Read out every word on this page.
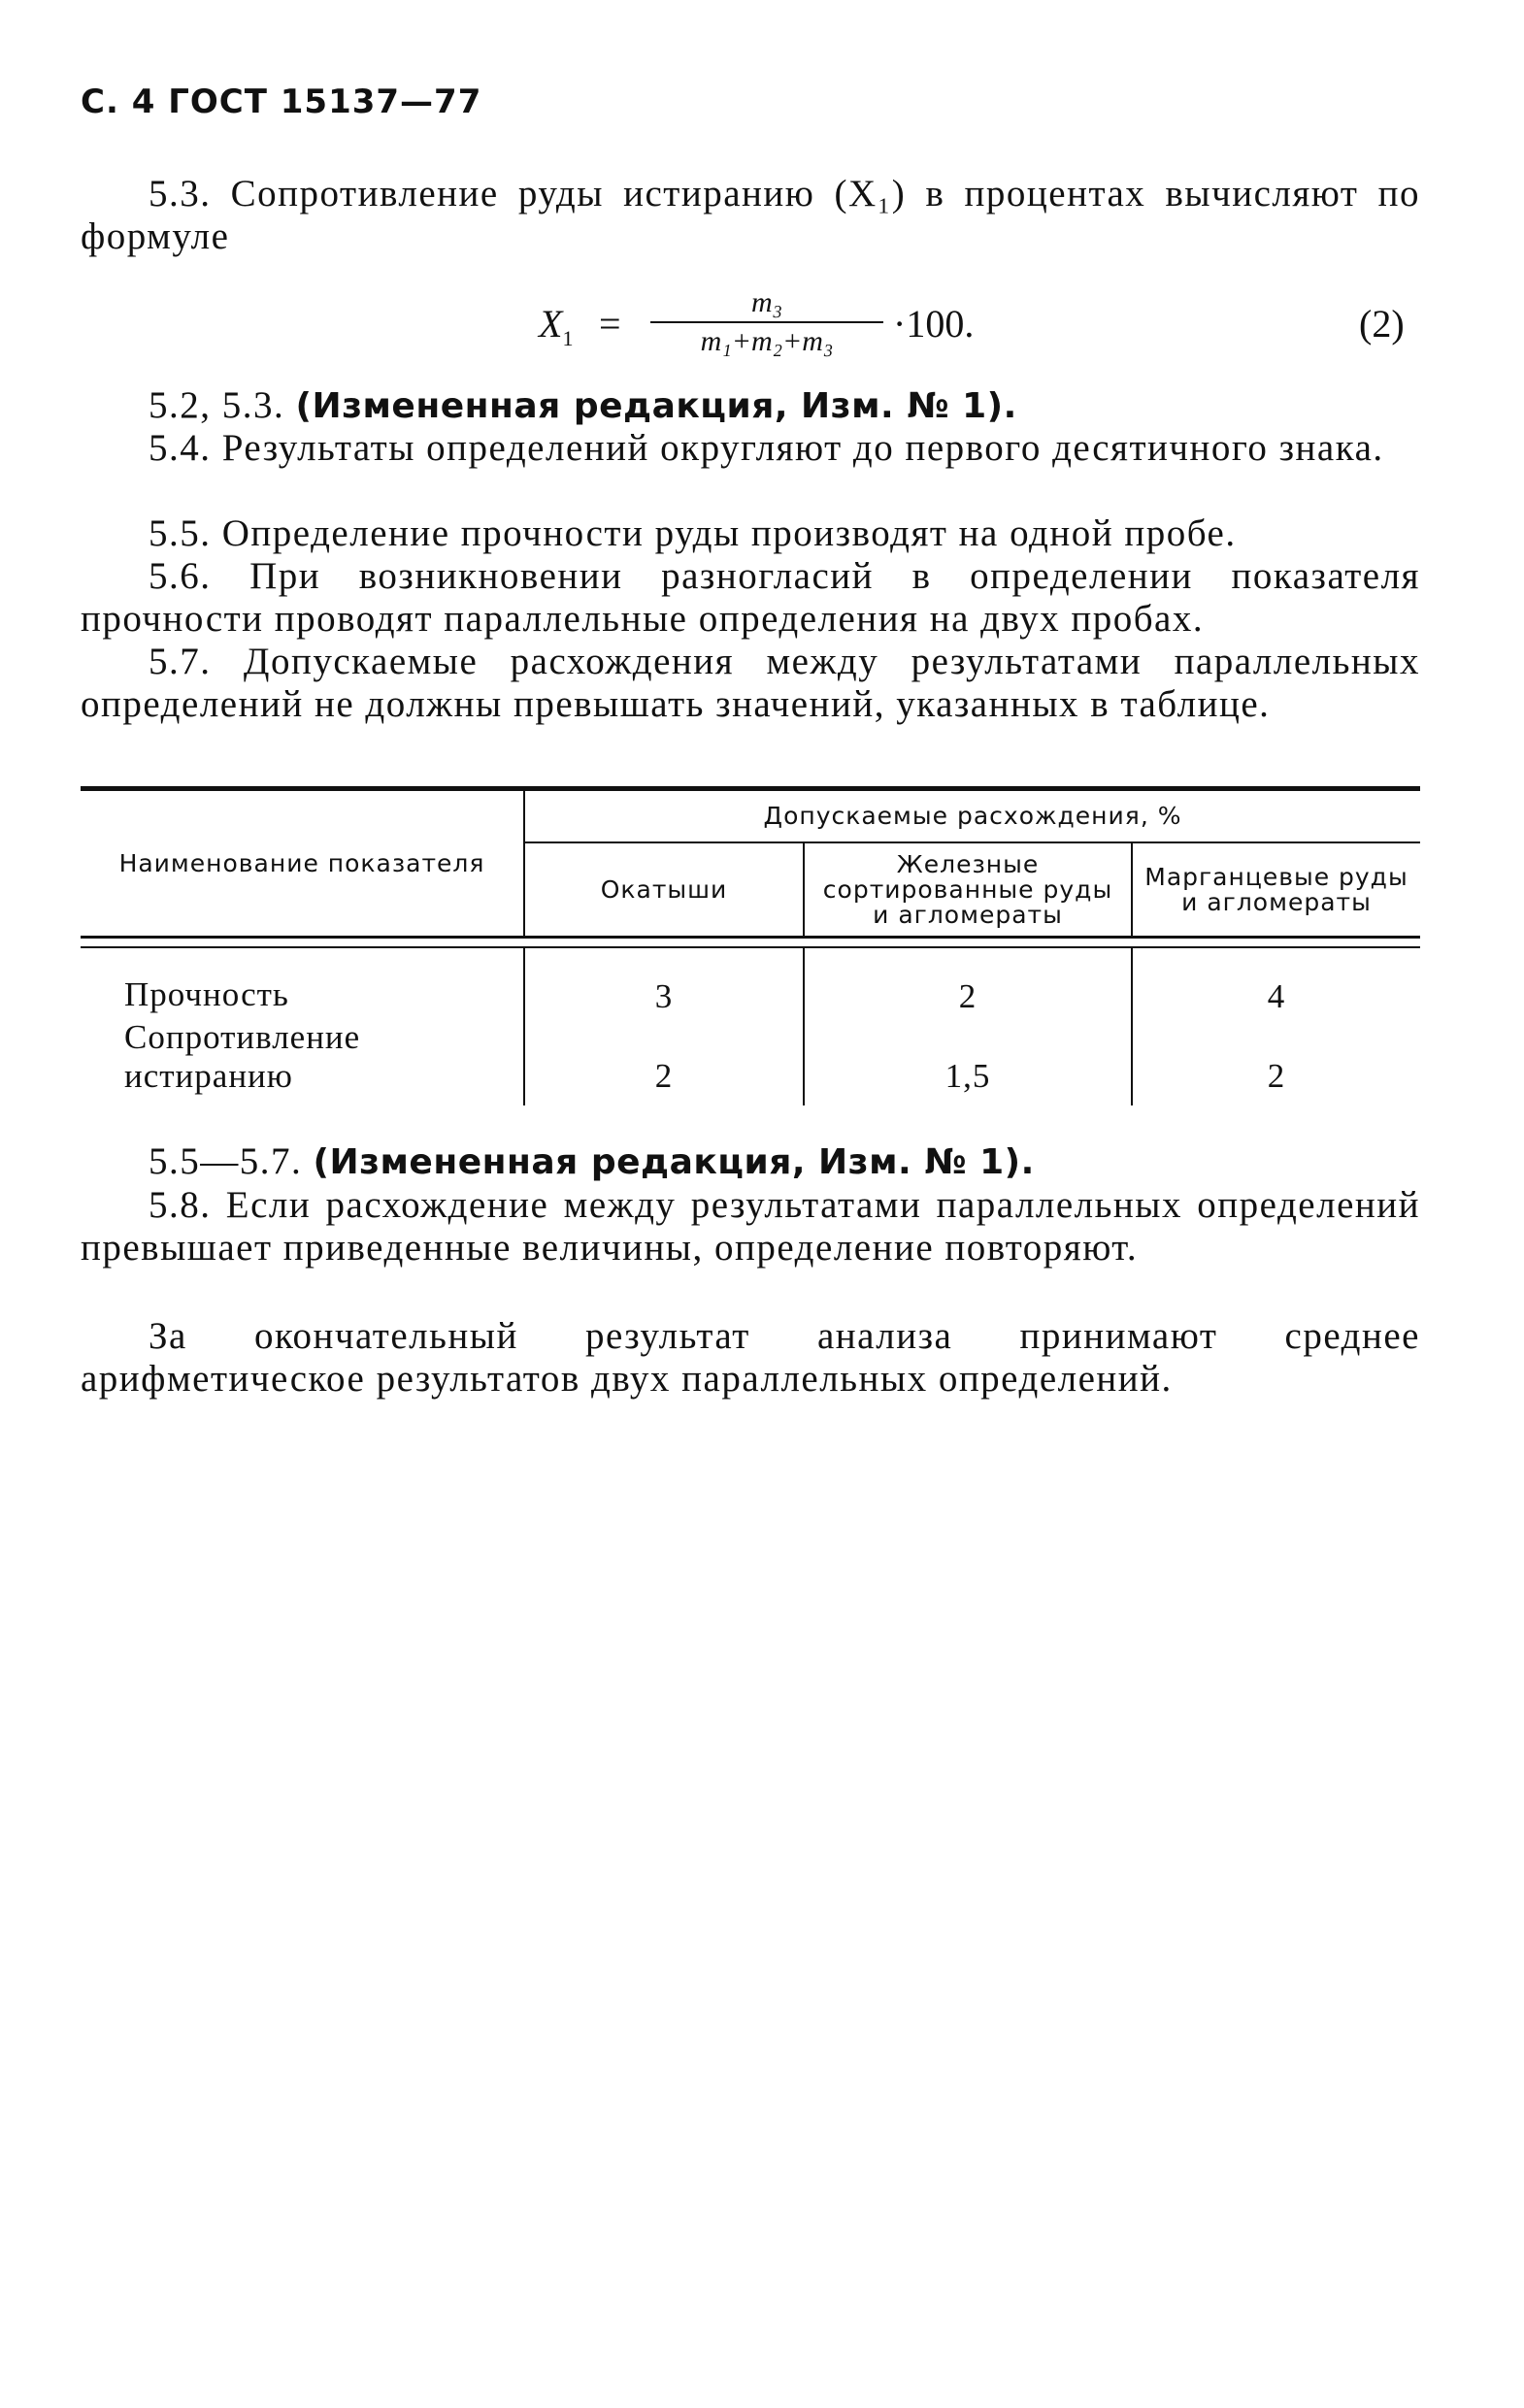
С. 4 ГОСТ 15137—77
5.3. Сопротивление руды истиранию (X₁) в процентах вычисляют по формуле
$X_1$ =	m₃
m₁+m₂+m₃	·100.	(2)
5.2, 5.3. (Измененная редакция, Изм. № 1).
5.4. Результаты определений округляют до первого десятичного знака.
5.5. Определение прочности руды производят на одной пробе.
5.6. При возникновении разногласий в определении показателя прочности проводят параллельные определения на двух пробах.
5.7. Допускаемые расхождения между результатами параллельных определений не должны превышать значений, указанных в таблице.
Наименование показателя	Допускаемые расхождения, %		
	Окатыши	Железные сортированные руды и агломераты	Марганцевые руды и агломераты

Прочность	3	2	4
Сопротивление истиранию	2	1,5	2
5.5—5.7. (Измененная редакция, Изм. № 1).
5.8. Если расхождение между результатами параллельных определений превышает приведенные величины, определение повторяют.
За окончательный результат анализа принимают среднее арифметическое результатов двух параллельных определений.
